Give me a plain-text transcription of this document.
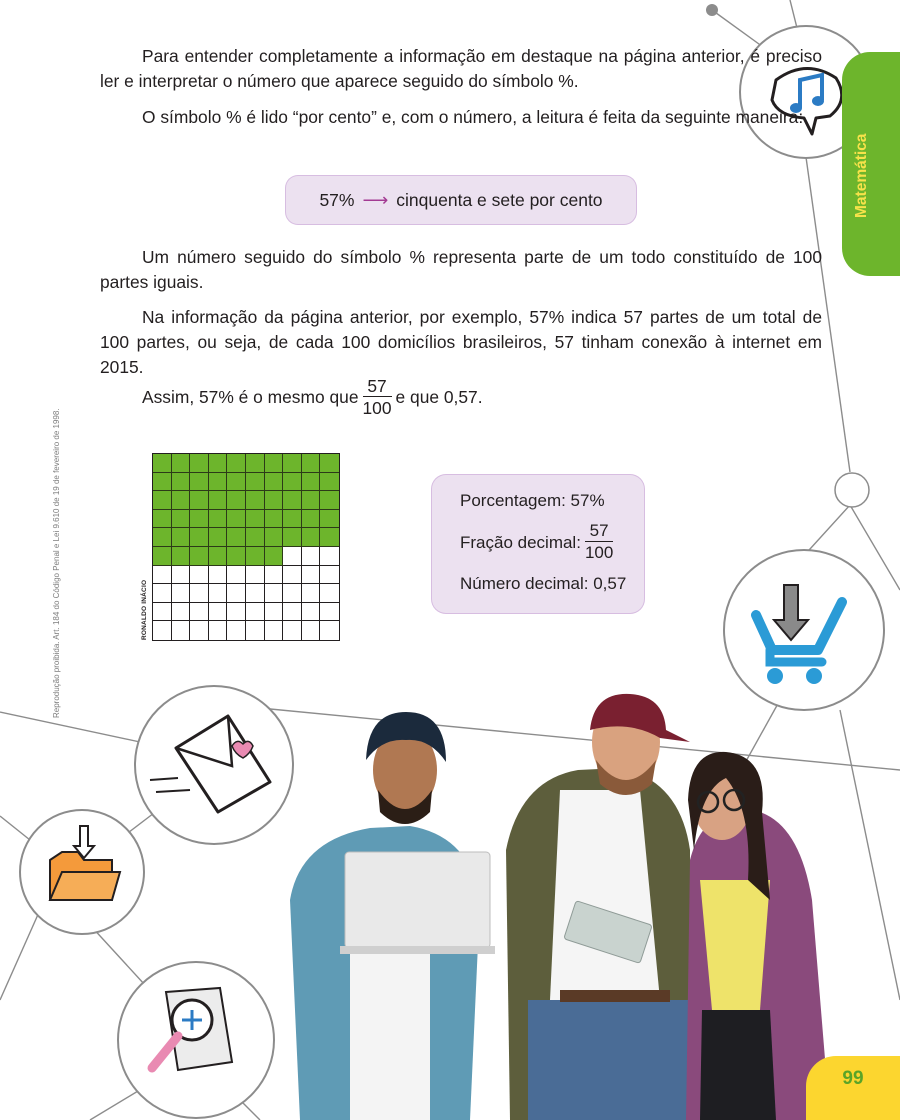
Para entender completamente a informação em destaque na página anterior, é preciso ler e interpretar o número que aparece seguido do símbolo %.

O símbolo % é lido “por cento” e, com o número, a leitura é feita da seguinte maneira:

57% ⟶ cinquenta e sete por cento

Um número seguido do símbolo % representa parte de um todo constituído de 100 partes iguais.

Na informação da página anterior, por exemplo, 57% indica 57 partes de um total de 100 partes, ou seja, de cada 100 domicílios brasileiros, 57 tinham conexão à internet em 2015.

Assim, 57% é o mesmo que $\frac{57}{100}$ e que 0,57.
RONALDO INÁCIO
Reprodução proibida. Art. 184 do Código Penal e Lei 9.610 de 19 de fevereiro de 1998.	Porcentagem: 57%
Fração decimal: $\frac{57}{100}$
Número decimal: 0,57
Matemática
99
